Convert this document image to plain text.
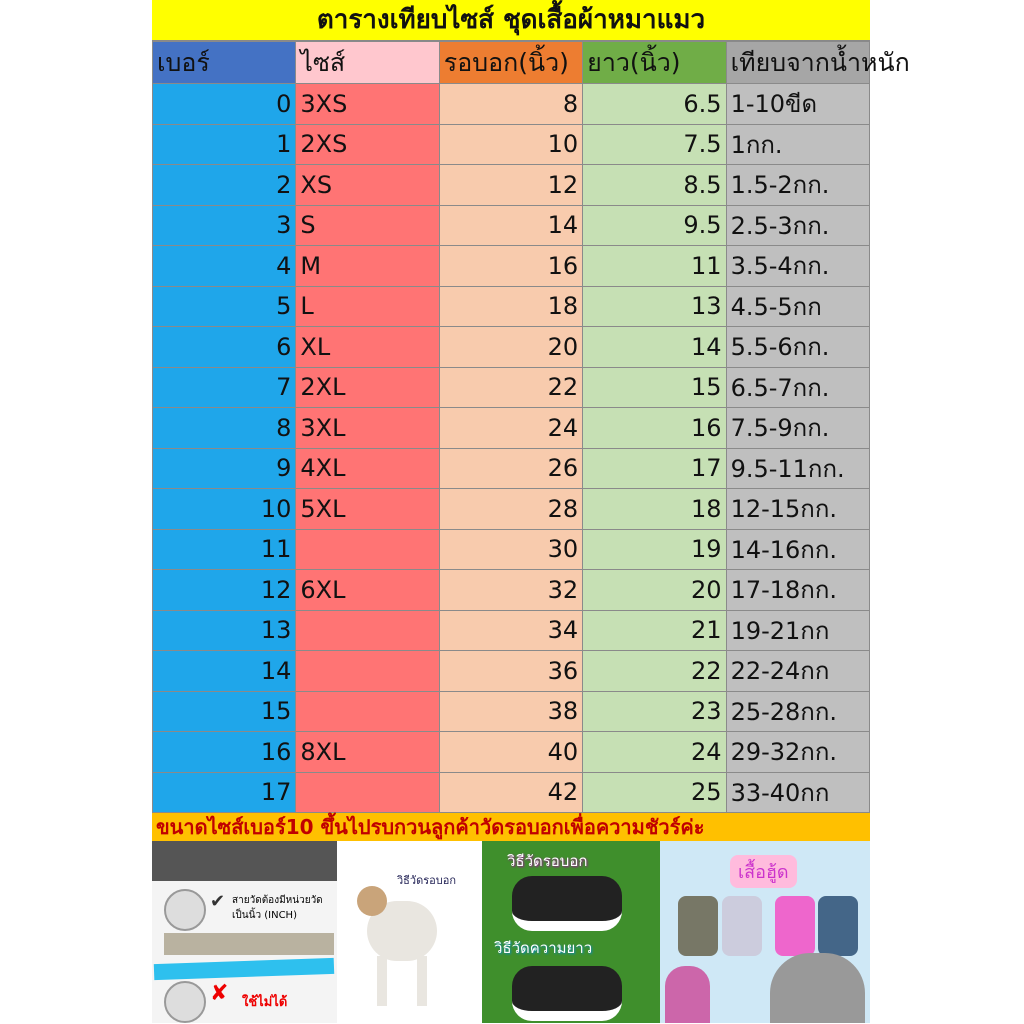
ตารางเทียบไซส์ ชุดเสื้อผ้าหมาแมว
เบอร์	ไซส์	รอบอก(นิ้ว)	ยาว(นิ้ว)	เทียบจากน้ำหนัก
0	3XS	8	6.5	1-10ขีด
1	2XS	10	7.5	1กก.
2	XS	12	8.5	1.5-2กก.
3	S	14	9.5	2.5-3กก.
4	M	16	11	3.5-4กก.
5	L	18	13	4.5-5กก
6	XL	20	14	5.5-6กก.
7	2XL	22	15	6.5-7กก.
8	3XL	24	16	7.5-9กก.
9	4XL	26	17	9.5-11กก.
10	5XL	28	18	12-15กก.
11		30	19	14-16กก.
12	6XL	32	20	17-18กก.
13		34	21	19-21กก
14		36	22	22-24กก
15		38	23	25-28กก.
16	8XL	40	24	29-32กก.
17		42	25	33-40กก
ขนาดไซส์เบอร์10 ขึ้นไปรบกวนลูกค้าวัดรอบอกเพื่อความชัวร์ค่ะ
✔ สายวัดต้องมีหน่วยวัด เป็นนิ้ว (INCH)
✘ ใช้ไม่ได้
วิธีวัดรอบอก
วิธีวัดรอบอก
วิธีวัดความยาว
เสื้อฮู้ด
